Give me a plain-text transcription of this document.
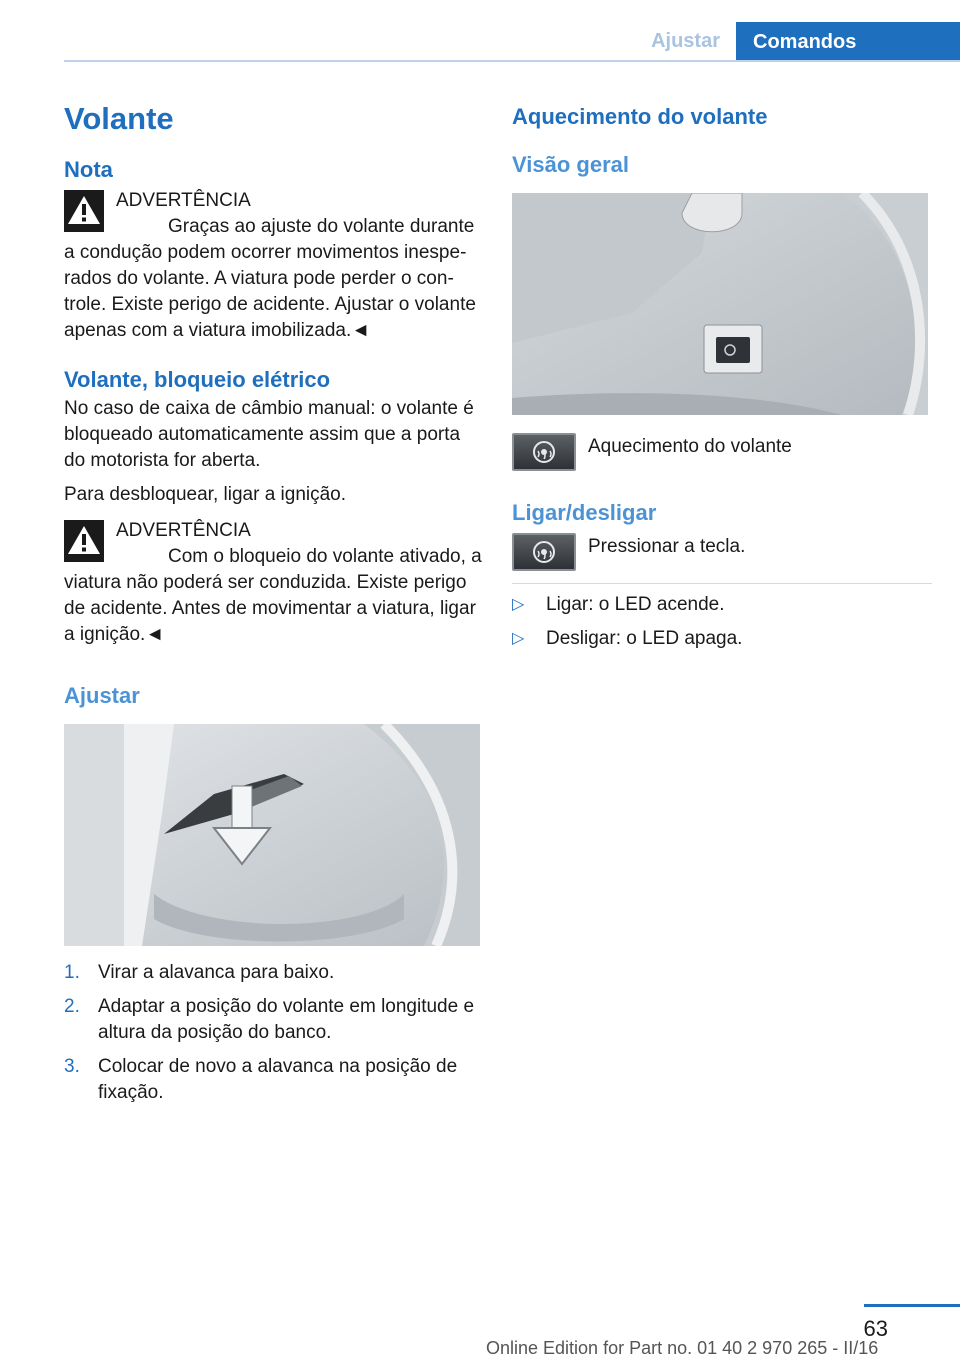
Ajustar	Comandos
Volante
Nota

ADVERTÊNCIA

Graças ao ajuste do volante durante a condução podem ocorrer movimentos inesperados do volante. A viatura pode perder o controle. Existe perigo de acidente. Ajustar o volante apenas com a viatura imobilizada.◄

Volante, bloqueio elétrico

No caso de caixa de câmbio manual: o volante é bloqueado automaticamente assim que a porta do motorista for aberta.

Para desbloquear, ligar a ignição.

ADVERTÊNCIA

Com o bloqueio do volante ativado, a viatura não poderá ser conduzida. Existe perigo de acidente. Antes de movimentar a viatura, ligar a ignição.◄

Ajustar
1. Virar a alavanca para baixo.
2. Adaptar a posição do volante em longitude e altura da posição do banco.
3. Colocar de novo a alavanca na posição de fixação.
Aquecimento do volante
Visão geral

Aquecimento do volante

Ligar/desligar

Pressionar a tecla.

▷ Ligar: o LED acende.
▷ Desligar: o LED apaga.
63
Online Edition for Part no. 01 40 2 970 265 - II/16
